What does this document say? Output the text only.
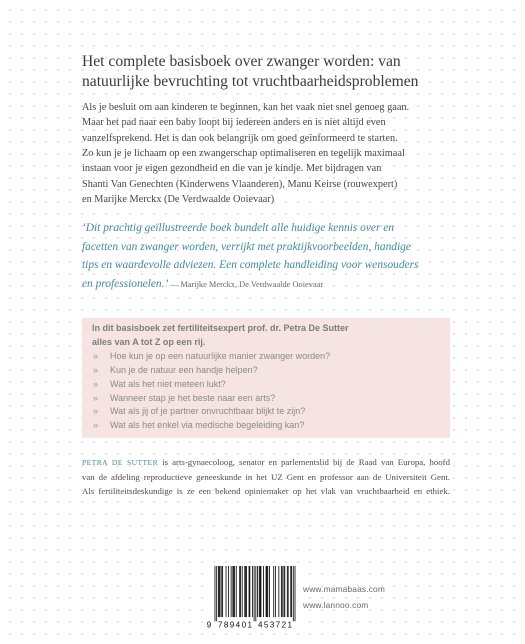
Het complete basisboek over zwanger worden: van
natuurlijke bevruchting tot vruchtbaarheidsproblemen
Als je besluit om aan kinderen te beginnen, kan het vaak niet snel genoeg gaan.
Maar het pad naar een baby loopt bij iedereen anders en is niet altijd even
vanzelfsprekend. Het is dan ook belangrijk om goed geïnformeerd te starten.
Zo kun je je lichaam op een zwangerschap optimaliseren en tegelijk maximaal
instaan voor je eigen gezondheid en die van je kindje. Met bijdragen van
Shanti Van Genechten (Kinderwens Vlaanderen), Manu Keirse (rouwexpert)
en Marijke Merckx (De Verdwaalde Ooievaar)
‘Dit prachtig geïllustreerde boek bundelt alle huidige kennis over en
facetten van zwanger worden, verrijkt met praktijkvoorbeelden, handige
tips en waardevolle adviezen. Een complete handleiding voor wensouders
en professionelen.’ — Marijke Merckx, De Verdwaalde Ooievaar
In dit basisboek zet fertiliteitsexpert prof. dr. Petra De Sutter
alles van A tot Z op een rij.
» Hoe kun je op een natuurlijke manier zwanger worden?
» Kun je de natuur een handje helpen?
» Wat als het niet meteen lukt?
» Wanneer stap je het beste naar een arts?
» Wat als jij of je partner onvruchtbaar blijkt te zijn?
» Wat als het enkel via medische begeleiding kan?
PETRA DE SUTTER is arts-gynaecoloog, senator en parlementslid bij de Raad van Europa, hoofd
van de afdeling reproductieve geneeskunde in het UZ Gent en professor aan de Universiteit Gent.
Als fertiliteitsdeskundige is ze een bekend opiniemaker op het vlak van vruchtbaarheid en ethiek.
9 789401 453721
www.mamabaas.com
www.lannoo.com
